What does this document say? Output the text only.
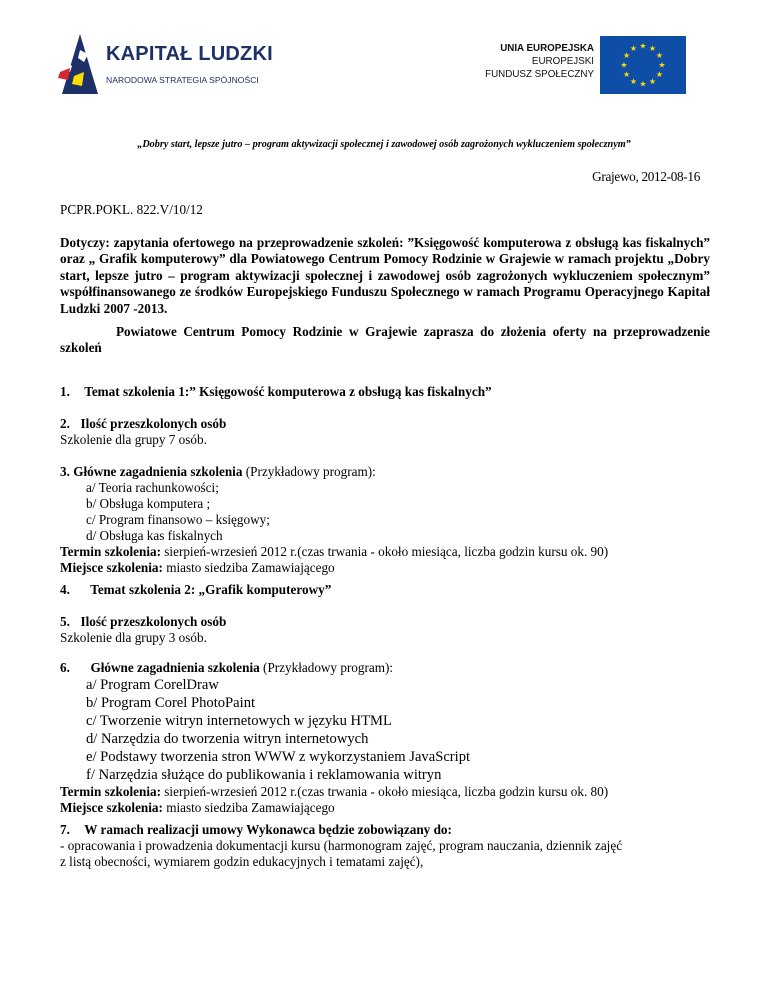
KAPITAŁ LUDZKI
NARODOWA STRATEGIA SPÓJNOŚCI
UNIA EUROPEJSKA
EUROPEJSKI
FUNDUSZ SPOŁECZNY
★ ★
★
★
★
★
★
★
★
★
★
★
„Dobry start, lepsze jutro – program aktywizacji społecznej i zawodowej osób zagrożonych wykluczeniem społecznym”
Grajewo, 2012-08-16
PCPR.POKL. 822.V/10/12
Dotyczy: zapytania ofertowego na przeprowadzenie szkoleń: ”Księgowość komputerowa z obsługą kas fiskalnych” oraz „ Grafik komputerowy” dla Powiatowego Centrum Pomocy Rodzinie w Grajewie w ramach projektu „Dobry start, lepsze jutro – program aktywizacji społecznej i zawodowej osób zagrożonych wykluczeniem społecznym” współfinansowanego ze środków Europejskiego Funduszu Społecznego w ramach Programu Operacyjnego Kapitał Ludzki 2007 -2013.
Powiatowe Centrum Pomocy Rodzinie w Grajewie zaprasza do złożenia oferty na przeprowadzenie szkoleń
1. Temat szkolenia 1:” Księgowość komputerowa z obsługą kas fiskalnych”
2. Ilość przeszkolonych osób
Szkolenie dla grupy 7 osób.
3. Główne zagadnienia szkolenia (Przykładowy program):
a/ Teoria rachunkowości;
b/ Obsługa komputera ;
c/ Program finansowo – księgowy;
d/ Obsługa kas fiskalnych
Termin szkolenia: sierpień-wrzesień 2012 r.(czas trwania - około miesiąca, liczba godzin kursu ok. 90)
Miejsce szkolenia: miasto siedziba Zamawiającego
4. Temat szkolenia 2: „Grafik komputerowy”
5. Ilość przeszkolonych osób
Szkolenie dla grupy 3 osób.
6. Główne zagadnienia szkolenia (Przykładowy program):
a/ Program CorelDraw
b/ Program Corel PhotoPaint
c/ Tworzenie witryn internetowych w języku HTML
d/ Narzędzia do tworzenia witryn internetowych
e/ Podstawy tworzenia stron WWW z wykorzystaniem JavaScript
f/ Narzędzia służące do publikowania i reklamowania witryn
Termin szkolenia: sierpień-wrzesień 2012 r.(czas trwania - około miesiąca, liczba godzin kursu ok. 80)
Miejsce szkolenia: miasto siedziba Zamawiającego
7. W ramach realizacji umowy Wykonawca będzie zobowiązany do:
- opracowania i prowadzenia dokumentacji kursu (harmonogram zajęć, program nauczania, dziennik zajęć
z listą obecności, wymiarem godzin edukacyjnych i tematami zajęć),
